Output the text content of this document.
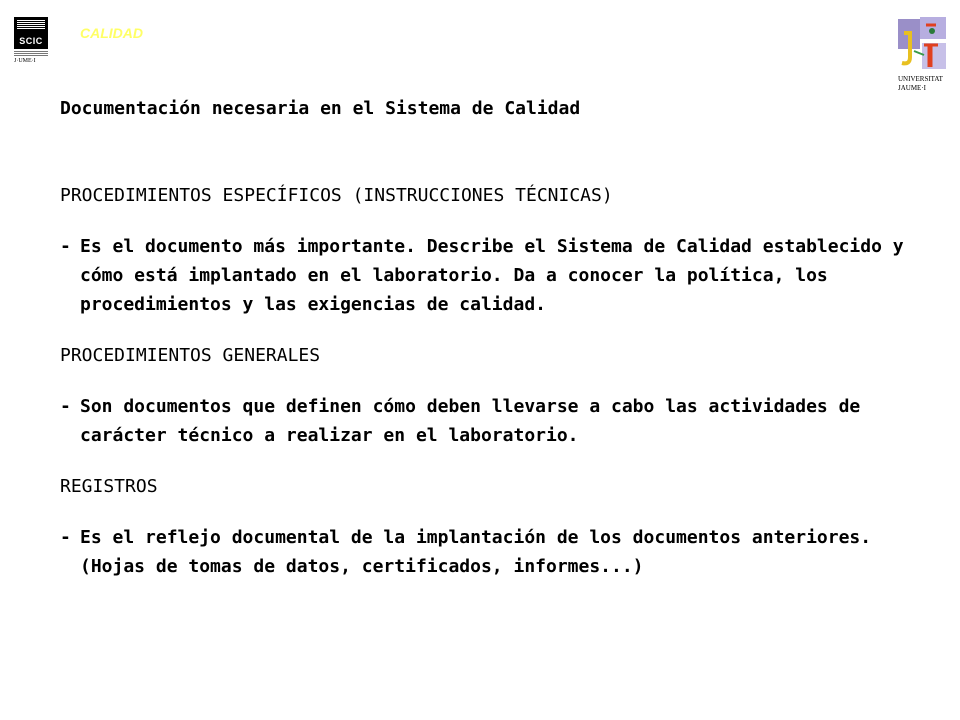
SCIC
J·UME·I
CALIDAD
UNIVERSITAT
JAUME·I
Documentación necesaria en el Sistema de Calidad
PROCEDIMIENTOS ESPECÍFICOS (INSTRUCCIONES TÉCNICAS)
- Es el documento más importante. Describe el Sistema de Calidad establecido y cómo está implantado en el laboratorio. Da a conocer la política, los procedimientos y las exigencias de calidad.
PROCEDIMIENTOS GENERALES
- Son documentos que definen cómo deben llevarse a cabo las actividades de carácter técnico a realizar en el laboratorio.
REGISTROS
- Es el reflejo documental de la implantación de los documentos anteriores. (Hojas de tomas de datos, certificados, informes...)
